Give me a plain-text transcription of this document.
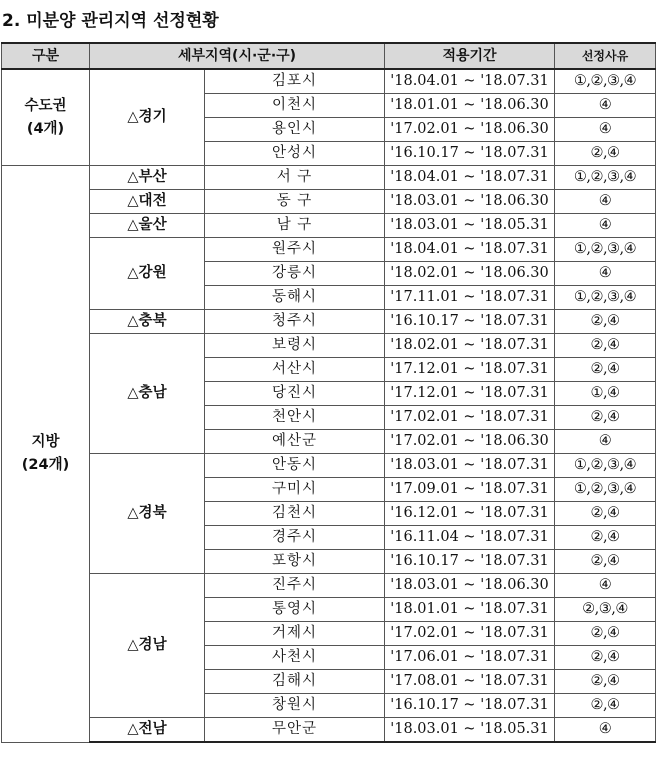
2. 미분양 관리지역 선정현황
구분	세부지역(시·군·구)		적용기간	선정사유

수도권
(4개)	△경기	김포시	'18.04.01 ~ '18.07.31	①,②,③,④
		이천시	'18.01.01 ~ '18.06.30	④
		용인시	'17.02.01 ~ '18.06.30	④
		안성시	'16.10.17 ~ '18.07.31	②,④

지방
(24개)	△부산	서 구	'18.04.01 ~ '18.07.31	①,②,③,④
	△대전	동 구	'18.03.01 ~ '18.06.30	④
	△울산	남 구	'18.03.01 ~ '18.05.31	④
	△강원	원주시	'18.04.01 ~ '18.07.31	①,②,③,④
		강릉시	'18.02.01 ~ '18.06.30	④
		동해시	'17.11.01 ~ '18.07.31	①,②,③,④
	△충북	청주시	'16.10.17 ~ '18.07.31	②,④
	△충남	보령시	'18.02.01 ~ '18.07.31	②,④
		서산시	'17.12.01 ~ '18.07.31	②,④
		당진시	'17.12.01 ~ '18.07.31	①,④
		천안시	'17.02.01 ~ '18.07.31	②,④
		예산군	'17.02.01 ~ '18.06.30	④
	△경북	안동시	'18.03.01 ~ '18.07.31	①,②,③,④
		구미시	'17.09.01 ~ '18.07.31	①,②,③,④
		김천시	'16.12.01 ~ '18.07.31	②,④
		경주시	'16.11.04 ~ '18.07.31	②,④
		포항시	'16.10.17 ~ '18.07.31	②,④
	△경남	진주시	'18.03.01 ~ '18.06.30	④
		통영시	'18.01.01 ~ '18.07.31	②,③,④
		거제시	'17.02.01 ~ '18.07.31	②,④
		사천시	'17.06.01 ~ '18.07.31	②,④
		김해시	'17.08.01 ~ '18.07.31	②,④
		창원시	'16.10.17 ~ '18.07.31	②,④
	△전남	무안군	'18.03.01 ~ '18.05.31	④
